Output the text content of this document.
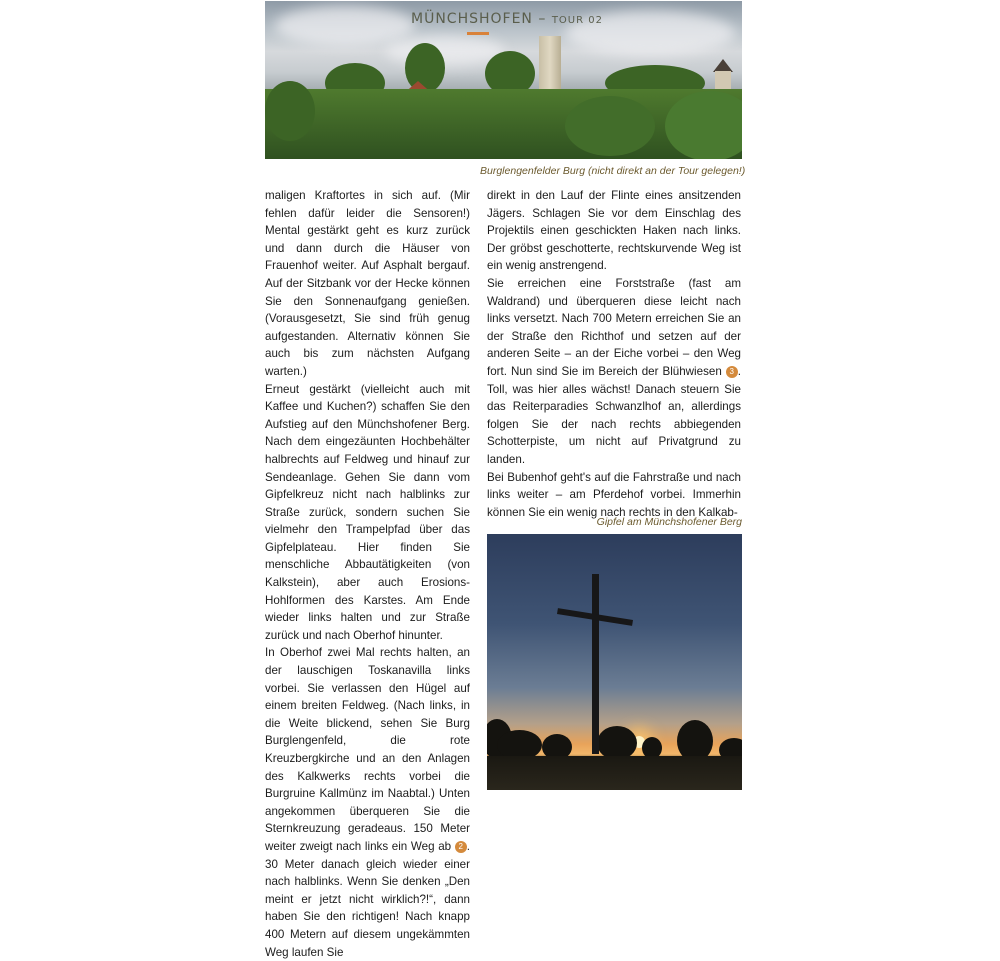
MÜNCHSHOFEN – TOUR 02
Burglengenfelder Burg (nicht direkt an der Tour gelegen!)

maligen Kraftortes in sich auf. (Mir fehlen dafür leider die Sensoren!) Mental gestärkt geht es kurz zurück und dann durch die Häuser von Frauenhof weiter. Auf Asphalt bergauf. Auf der Sitzbank vor der Hecke können Sie den Sonnenaufgang genießen. (Vorausgesetzt, Sie sind früh genug aufgestanden. Alternativ können Sie auch bis zum nächsten Aufgang warten.)

Erneut gestärkt (vielleicht auch mit Kaffee und Kuchen?) schaffen Sie den Aufstieg auf den Münchshofener Berg. Nach dem eingezäunten Hochbehälter halbrechts auf Feldweg und hinauf zur Sendeanlage. Gehen Sie dann vom Gipfelkreuz nicht nach halblinks zur Straße zurück, sondern suchen Sie vielmehr den Trampelpfad über das Gipfelplateau. Hier finden Sie menschliche Abbautätigkeiten (von Kalkstein), aber auch Erosions-Hohlformen des Karstes. Am Ende wieder links halten und zur Straße zurück und nach Oberhof hinunter.

In Oberhof zwei Mal rechts halten, an der lauschigen Toskanavilla links vorbei. Sie verlassen den Hügel auf einem breiten Feldweg. (Nach links, in die Weite blickend, sehen Sie Burg Burglengenfeld, die rote Kreuzbergkirche und an den Anlagen des Kalkwerks rechts vorbei die Burgruine Kallmünz im Naabtal.) Unten angekommen überqueren Sie die Sternkreuzung geradeaus. 150 Meter weiter zweigt nach links ein Weg ab 2 . 30 Meter danach gleich wieder einer nach halblinks. Wenn Sie denken „Den meint er jetzt nicht wirklich?!“, dann haben Sie den richtigen! Nach knapp 400 Metern auf diesem ungekämmten Weg laufen Sie

direkt in den Lauf der Flinte eines ansitzenden Jägers. Schlagen Sie vor dem Einschlag des Projektils einen geschickten Haken nach links. Der gröbst geschotterte, rechtskurvende Weg ist ein wenig anstrengend.

Sie erreichen eine Forststraße (fast am Waldrand) und überqueren diese leicht nach links versetzt. Nach 700 Metern erreichen Sie an der Straße den Richthof und setzen auf der anderen Seite – an der Eiche vorbei – den Weg fort. Nun sind Sie im Bereich der Blühwiesen 3 . Toll, was hier alles wächst! Danach steuern Sie das Reiterparadies Schwanzlhof an, allerdings folgen Sie der nach rechts abbiegenden Schotterpiste, um nicht auf Privatgrund zu landen.

Bei Bubenhof geht's auf die Fahrstraße und nach links weiter – am Pferdehof vorbei. Immerhin können Sie ein wenig nach rechts in den Kalkab-

Gipfel am Münchshofener Berg
